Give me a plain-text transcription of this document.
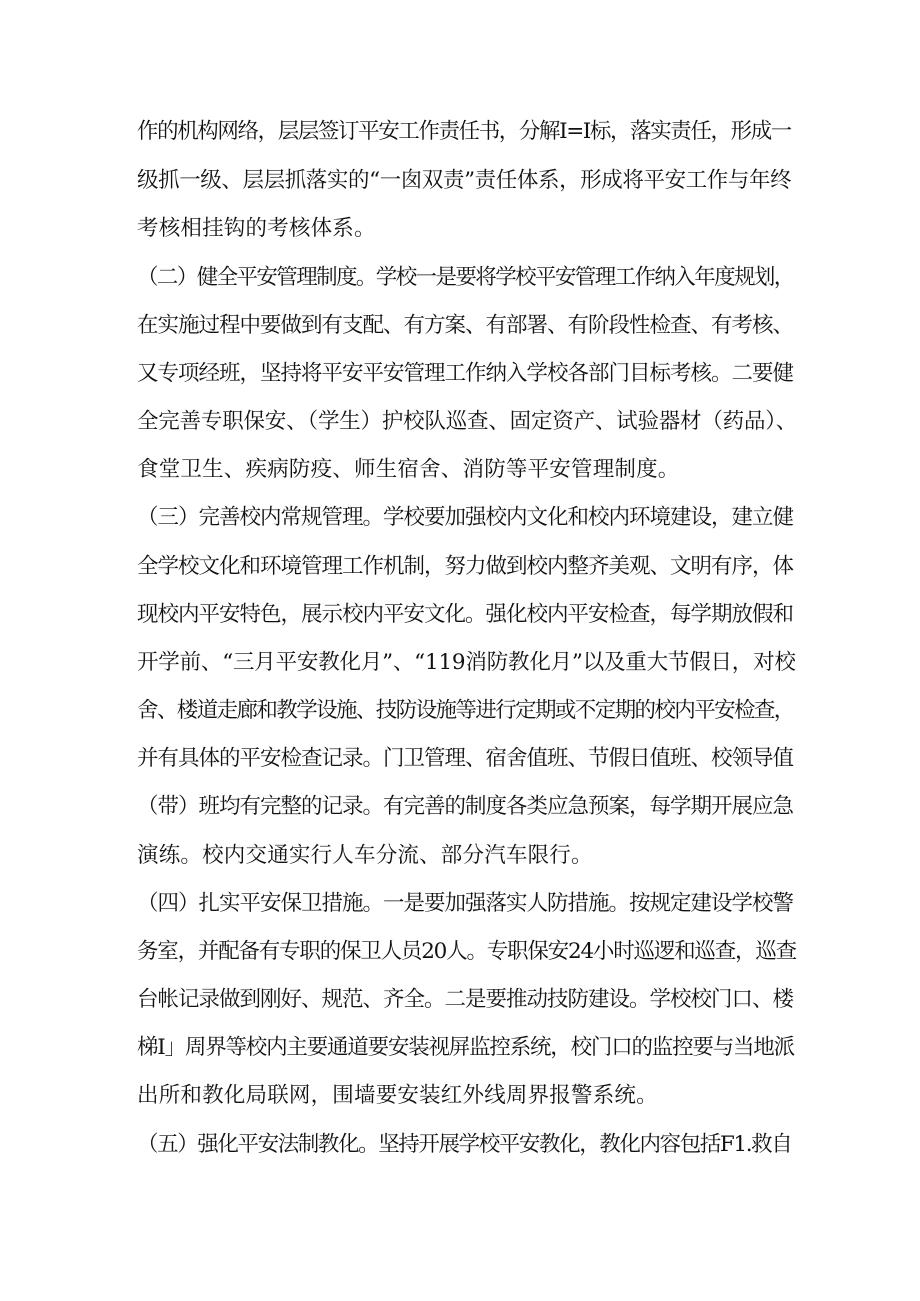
作的机构网络，层层签订平安工作责任书，分解I=I标，落实责任，形成一
级抓一级、层层抓落实的“一囱双责”责任体系，形成将平安工作与年终
考核相挂钩的考核体系。
（二）健全平安管理制度。学校一是要将学校平安管理工作纳入年度规划，
在实施过程中要做到有支配、有方案、有部署、有阶段性检查、有考核、
又专项经班，坚持将平安平安管理工作纳入学校各部门目标考核。二要健
全完善专职保安、（学生）护校队巡查、固定资产、试验器材（药品）、
食堂卫生、疾病防疫、师生宿舍、消防等平安管理制度。
（三）完善校内常规管理。学校要加强校内文化和校内环境建设，建立健
全学校文化和环境管理工作机制，努力做到校内整齐美观、文明有序，体
现校内平安特色，展示校内平安文化。强化校内平安检查，每学期放假和
开学前、“三月平安教化月”、“119消防教化月”以及重大节假日，对校
舍、楼道走廊和教学设施、技防设施等进行定期或不定期的校内平安检查，
并有具体的平安检查记录。门卫管理、宿舍值班、节假日值班、校领导值
（带）班均有完整的记录。有完善的制度各类应急预案，每学期开展应急
演练。校内交通实行人车分流、部分汽车限行。
（四）扎实平安保卫措施。一是要加强落实人防措施。按规定建设学校警
务室，并配备有专职的保卫人员20人。专职保安24小时巡逻和巡查，巡查
台帐记录做到刚好、规范、齐全。二是要推动技防建设。学校校门口、楼
梯I」周界等校内主要通道要安装视屏监控系统，校门口的监控要与当地派
出所和教化局联网，围墙要安装红外线周界报警系统。
（五）强化平安法制教化。坚持开展学校平安教化，教化内容包括F1.救自
